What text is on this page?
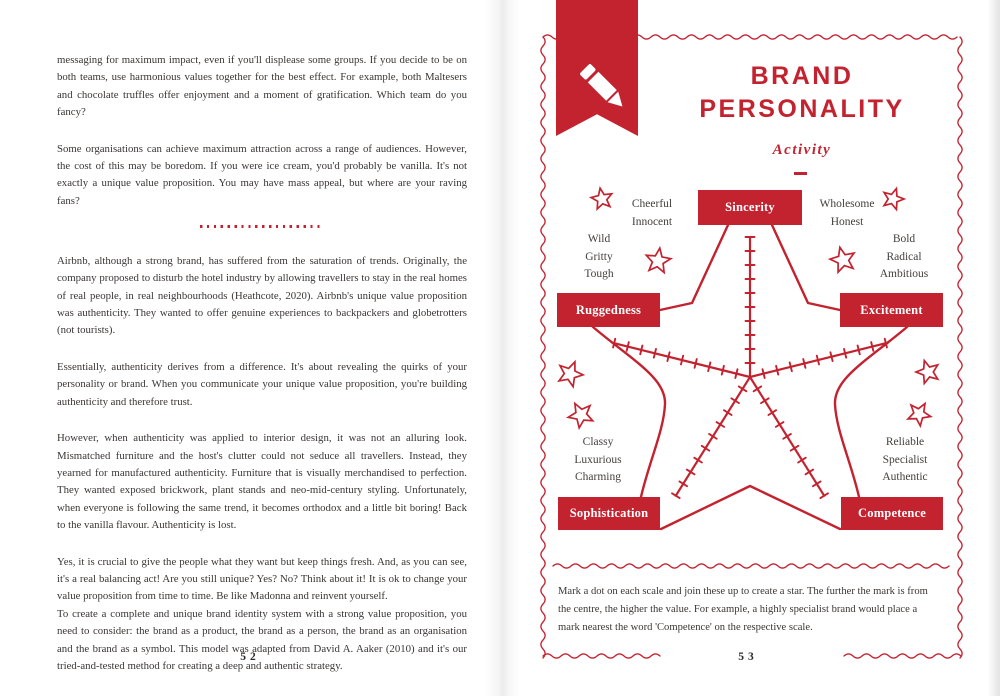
messaging for maximum impact, even if you'll displease some groups. If you decide to be on both teams, use harmonious values together for the best effect. For example, both Maltesers and chocolate truffles offer enjoyment and a moment of gratification. Which team do you fancy?

Some organisations can achieve maximum attraction across a range of audiences. However, the cost of this may be boredom. If you were ice cream, you'd probably be vanilla. It's not exactly a unique value proposition. You may have mass appeal, but where are your raving fans?

Airbnb, although a strong brand, has suffered from the saturation of trends. Originally, the company proposed to disturb the hotel industry by allowing travellers to stay in the real homes of real people, in real neighbourhoods (Heathcote, 2020). Airbnb's unique value proposition was authenticity. They wanted to offer genuine experiences to backpackers and globetrotters (not tourists).

Essentially, authenticity derives from a difference. It's about revealing the quirks of your personality or brand. When you communicate your unique value proposition, you're building authenticity and therefore trust.

However, when authenticity was applied to interior design, it was not an alluring look. Mismatched furniture and the host's clutter could not seduce all travellers. Instead, they yearned for manufactured authenticity. Furniture that is visually merchandised to perfection. They wanted exposed brickwork, plant stands and neo-mid-century styling. Unfortunately, when everyone is following the same trend, it becomes orthodox and a little bit boring! Back to the vanilla flavour. Authenticity is lost.

Yes, it is crucial to give the people what they want but keep things fresh. And, as you can see, it's a real balancing act! Are you still unique? Yes? No? Think about it! It is ok to change your value proposition from time to time. Be like Madonna and reinvent yourself.

To create a complete and unique brand identity system with a strong value proposition, you need to consider: the brand as a product, the brand as a person, the brand as an organisation and the brand as a symbol. This model was adapted from David A. Aaker (2010) and it's our tried-and-tested method for creating a deep and authentic strategy.

52
Sincerity
Ruggedness	Excitement
Sophistication	Competence
Cheerful
Innocent
Wholesome
Honest
Wild
Gritty
Tough
Bold
Radical
Ambitious
Classy
Luxurious
Charming
Reliable
Specialist
Authentic
BRAND
PERSONALITY
Activity

Mark a dot on each scale and join these up to create a star. The further the mark is from the centre, the higher the value. For example, a highly specialist brand would place a mark nearest the word 'Competence' on the respective scale.

53
